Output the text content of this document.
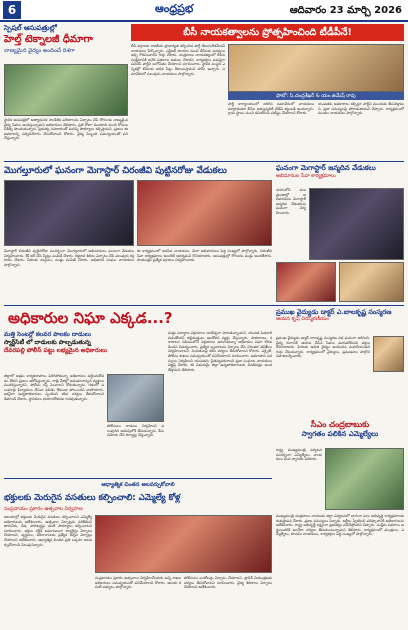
6	ఆంధ్రప్రభ	ఆదివారం 23 మార్చి 2026
స్పెషల్ ఆసుపత్రుల్లో
హెల్త్ టెక్నాలజీ ధీమాగా
నాణ్యమైన వైద్యం అందించే దిశగా
స్థానిక ఆసుపత్రిలో అత్యాధునిక సాంకేతిక పరికరాలను ఏర్పాటు చేసి రోగులకు నాణ్యమైన వైద్య సేవలు అందిస్తున్నామని అధికారులు తెలిపారు. ప్రతి రోజూ వందలాది మంది రోగులు చికిత్స పొందుతున్నారు. ప్రభుత్వ సహకారంతో మరిన్ని సౌకర్యాలు కల్పిస్తామని, ప్రజలు ఈ అవకాశాన్ని సద్వినియోగం చేసుకోవాలని కోరారు. వైద్య సిబ్బంది సమన్వయంతో పని చేస్తున్నారు.
బీసీ నాయకత్వాలను ప్రోత్సహించింది టీడీపీనే!
బీసీ వర్గాలకు రాజకీయ ప్రాధాన్యత కల్పించిన పార్టీ తెలుగుదేశమేనని నాయకులు పేర్కొన్నారు. ఎన్టీఆర్ హయాం నుంచి బీసీలకు పదవులు ఇచ్చి గౌరవించారని గుర్తు చేశారు. చంద్రబాబు నాయకత్వంలో బీసీల సంక్షేమానికి అనేక పథకాలు అమలు చేశారని, కార్యకర్తలు సమష్టిగా పనిచేసి పార్టీని బలోపేతం చేయాలని సూచించారు. స్థానిక సంస్థల ఎన్నికల్లో బీసీలకు అధిక సీట్లు కేటాయిస్తామని హామీ ఇచ్చారు. సమావేశంలో పలువురు నాయకులు పాల్గొన్నారు.
ఫొటో: సి.చంద్రశేఖర్ & యం.ఉమేష్ రావు
పార్టీ కార్యాలయంలో జరిగిన సమావేశంలో నాయకులు మాట్లాడుతూ బీసీల అభ్యున్నతికి టీడీపీ కట్టుబడి ఉందన్నారు. గ్రామ స్థాయి నుంచి కమిటీలను పటిష్టం చేయాలని కోరారు.
యువతకు అవకాశాలు కల్పిస్తూ పార్టీని ముందుకు తీసుకెళ్తామని, ప్రజా సమస్యలపై పోరాడుతామని చెప్పారు. కార్యక్రమంలో మండల నాయకులు పాల్గొన్నారు.
మొగల్తూరులో ఘనంగా మెగాస్టార్ చిరంజీవి పుట్టినరోజు వేడుకలు
మెగాస్టార్ చిరంజీవి పుట్టినరోజు సందర్భంగా మొగల్తూరులో అభిమానులు ఘనంగా వేడుకలు నిర్వహించారు. కేక్ కట్ చేసి స్వీట్లు పంపిణీ చేశారు. రక్తదాన శిబిరం ఏర్పాటు చేసి పలువురు రక్తదానం చేశారు. పేదలకు దుస్తులు, పండ్లు పంపిణీ చేశారు. అభిమాన సంఘం నాయకులు పాల్గొన్నారు.
ఈ కార్యక్రమంలో జనసేన నాయకులు, మెగా అభిమానులు పెద్ద సంఖ్యలో పాల్గొన్నారు. చిరంజీవి సేవా కార్యక్రమాలు అందరికీ ఆదర్శమని కొనియాడారు. ఆసుపత్రుల్లో రోగులకు పండ్లు అందజేశారు. సాయంత్రం ప్రత్యేక పూజలు నిర్వహించారు.
ఘనంగా మెగాస్టార్ జన్మదిన వేడుకలు
అభిమానుల సేవా కార్యక్రమాలు
నగరంలోని పలు ప్రాంతాల్లో అభిమానులు మెగాస్టార్ జన్మదిన వేడుకలను ఘనంగా నిర్వహించారు.
అధికారుల నిఘా ఎక్కడ...?
మత్తి సెంటర్లో కలవర పాలకం దాడులు
స్మార్ట్‌సిటీ లో దాడులకు పాల్పడుతున్న
దేవరపల్లి పోలీస్ పట్టు లభ్యమైన అధికారులు
జిల్లాలో అక్రమ కార్యకలాపాలు పెరిగిపోతున్నా అధికారులు పట్టించుకోవడం లేదని ప్రజలు ఆరోపిస్తున్నారు. రాత్రి వేళల్లో అనుమానాస్పద వ్యక్తులు సంచరిస్తున్నారని, పోలీసు గస్తీ పెంచాలని కోరుతున్నారు. గతంలో పలుమార్లు ఫిర్యాదులు చేసినా ఫలితం లేకుండా పోయిందని వాపోయారు. ఇకనైనా ఉన్నతాధికారులు స్పందించి కఠిన చర్యలు తీసుకోవాలని డిమాండ్ చేశారు. స్థానికులు భయాందోళనకు గురవుతున్నారు.
పోలీసులు దాడులు నిర్వహించి పలువురిని అదుపులోకి తీసుకున్నారు. కేసు నమోదు చేసి దర్యాప్తు చేస్తున్నారు.
మత్తు పదార్థాల విక్రయాలు యథేచ్ఛగా సాగుతున్నాయని, యువత పెడదారి పడుతోందని తల్లిదండ్రులు ఆందోళన వ్యక్తం చేస్తున్నారు. పాఠశాలలు, కళాశాలల సమీపంలోనే విక్రయాలు జరుగుతున్నా అధికారుల నిఘా కొరవడిందని విమర్శించారు. ప్రత్యేక బృందాలను ఏర్పాటు చేసి నిరంతర తనిఖీలు నిర్వహించాలని, నిందితులపై కఠిన చర్యలు తీసుకోవాలని కోరారు. ఎక్సైజ్, పోలీసు శాఖలు సమన్వయంతో పనిచేయాలని సూచించారు. అవగాహన సదస్సులు నిర్వహించి యువతను చైతన్యపరచాలని ప్రజా సంఘాల నాయకులు విజ్ఞప్తి చేశారు. ఈ విషయమై జిల్లా ఉన్నతాధికారులకు వినతిపత్రం అందజేస్తామని తెలిపారు.
ప్రముఖ వైద్యుడు డాక్టర్ ఎ.బాలకృష్ణ సంస్మరణ
ఆయన కృషి చిరస్మరణీయం
ప్రముఖ వైద్యుడు డాక్టర్ బాలకృష్ణ సంస్మరణ సభ ఘనంగా జరిగింది. వైద్య రంగానికి ఆయన చేసిన సేవలు మరువలేనివని వక్తలు కొనియాడారు. పేదలకు ఉచిత వైద్యం అందించిన మహనీయుడని గుర్తు చేసుకున్నారు. కార్యక్రమంలో వైద్యులు, ప్రముఖులు పాల్గొని నివాళులర్పించారు.
సీఎం చంద్రబాబుకు
స్వాగతం పలికిన ఎమ్మెల్యేలు
రాష్ట్ర ముఖ్యమంత్రి పర్యటన సందర్భంగా ఎమ్మెల్యేలు, నాయకులు ఘన స్వాగతం పలికారు.
ఆధ్యాత్మిక చింతన అలవర్చుకోవాలి
భక్తులకు మెరుగైన వసతులు కల్పించాలి: ఎమ్మెల్యే కోళ్ల
సంప్రదాయం ప్రకారం ఉత్సవాల నిర్వహణ
ఆలయాల్లో భక్తులకు మెరుగైన వసతులు కల్పించాలని ఎమ్మెల్యే అధికారులను ఆదేశించారు. ఉత్సవాల ఏర్పాట్లను పరిశీలించి తాగునీరు, నీడ, పారిశుద్ధ్యం వంటి సౌకర్యాలు కల్పించాలని సూచించారు. భక్తుల రద్దీకి అనుగుణంగా క్యూలైన్లు ఏర్పాటు చేయాలని, వృద్ధులు, వికలాంగులకు ప్రత్యేక దర్శన ఏర్పాట్లు చేయాలని ఆదేశించారు. ఆధ్యాత్మిక చింతన ప్రతి ఒక్కరూ అలవర్చుకోవాలని పిలుపునిచ్చారు.
సంప్రదాయం ప్రకారం ఉత్సవాలు నిర్వహించేందుకు అన్ని శాఖల అధికారులు సమన్వయంతో పనిచేయాలని కోరారు. ఆలయ కమిటీ సభ్యులు పాల్గొన్నారు.
పోలీసులు బందోబస్తు ఏర్పాటు చేయాలని, ట్రాఫిక్ నియంత్రణకు చర్యలు తీసుకోవాలని సూచించారు. వైద్య శిబిరాలు ఏర్పాటు చేయాలని ఆదేశించారు.
ముఖ్యమంత్రి చంద్రబాబు నాయుడు జిల్లా పర్యటనలో భాగంగా పలు అభివృద్ధి కార్యక్రమాలకు శంకుస్థాపన చేశారు. ప్రజల సమస్యలు విన్నారు. అర్జీలు స్వీకరించి పరిష్కారానికి అధికారులను ఆదేశించారు. రాష్ట్ర అభివృద్ధే లక్ష్యంగా ప్రభుత్వం పనిచేస్తోందని చెప్పారు. సంక్షేమ పథకాలు అర్హులందరికీ అందేలా చర్యలు తీసుకుంటున్నామని తెలిపారు. కార్యక్రమంలో మంత్రులు, ఎమ్మెల్యేలు, కూటమి నాయకులు, కార్యకర్తలు పెద్ద సంఖ్యలో పాల్గొన్నారు.
